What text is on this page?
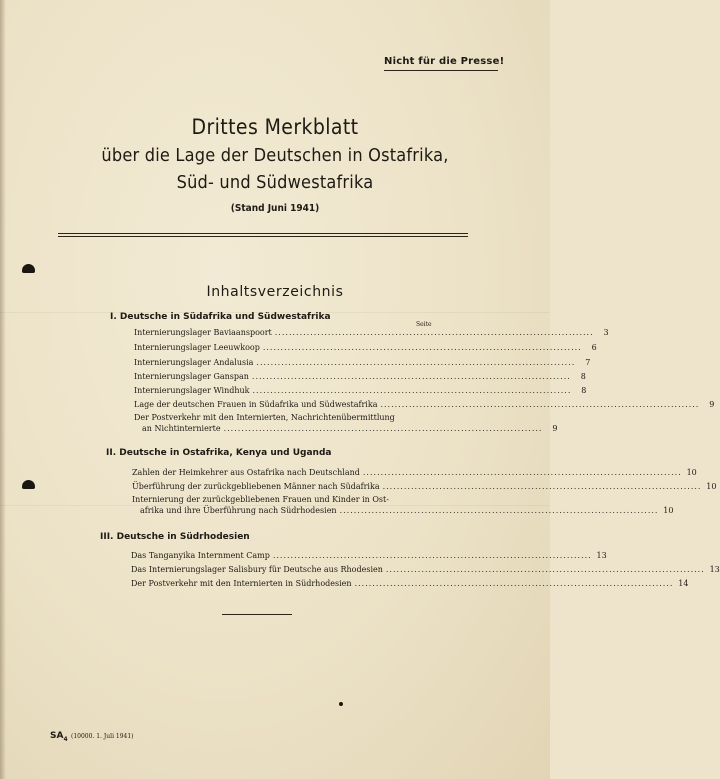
Nicht für die Presse!
Drittes Merkblatt
über die Lage der Deutschen in Ostafrika,
Süd- und Südwestafrika
(Stand Juni 1941)
Inhaltsverzeichnis
Seite
I. Deutsche in Südafrika und Südwestafrika
Internierungslager Baviaanspoort ..........................................................................................	3
Internierungslager Leeuwkoop ..........................................................................................	6
Internierungslager Andalusia ..........................................................................................	7
Internierungslager Ganspan ..........................................................................................	8
Internierungslager Windhuk ..........................................................................................	8
Lage der deutschen Frauen in Südafrika und Südwestafrika ..........................................................................................	9
Der Postverkehr mit den Internierten, Nachrichtenübermittlung
an Nichtinternierte ..........................................................................................	9
II. Deutsche in Ostafrika, Kenya und Uganda
Zahlen der Heimkehrer aus Ostafrika nach Deutschland .......................................................................................... 10
Überführung der zurückgebliebenen Männer nach Südafrika .......................................................................................... 10
Internierung der zurückgebliebenen Frauen und Kinder in Ost-
afrika und ihre Überführung nach Südrhodesien .......................................................................................... 10
III. Deutsche in Südrhodesien
Das Tanganyika Internment Camp .......................................................................................... 13
Das Internierungslager Salisbury für Deutsche aus Rhodesien .......................................................................................... 13
Der Postverkehr mit den Internierten in Südrhodesien .......................................................................................... 14
$SA_4$ (10000. 1. Juli 1941)
